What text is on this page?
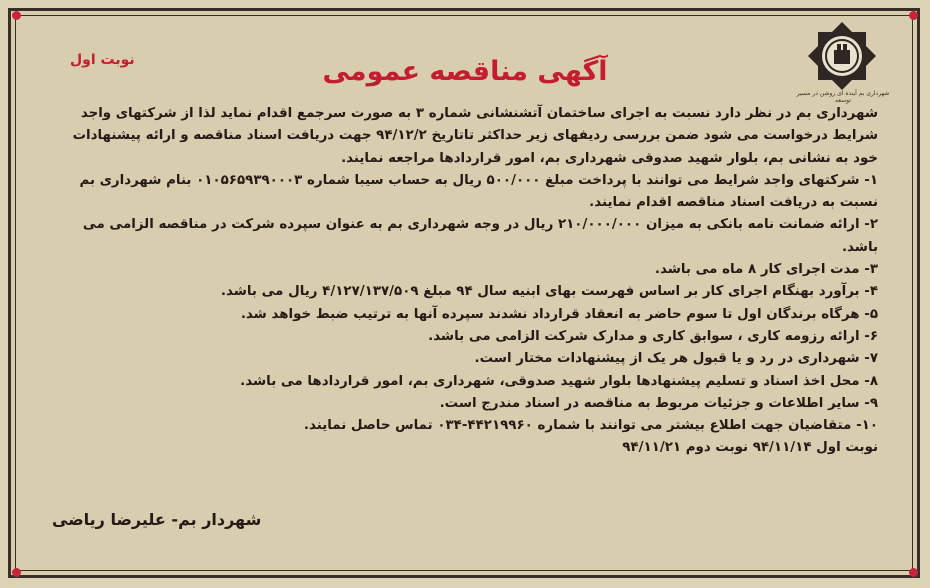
شهرداری بم آینده ای روشن در مسیر توسعه
نوبت اول	آگهی مناقصه عمومی

شهرداری بم در نظر دارد نسبت به اجرای ساختمان آتشنشانی شماره ۳ به صورت سرجمع اقدام نماید لذا از شرکتهای واجد شرایط درخواست می شود ضمن بررسی ردیفهای زیر حداکثر تاتاریخ ۹۴/۱۲/۲ جهت دریافت اسناد مناقصه و ارائه پیشنهادات خود به نشانی بم، بلوار شهید صدوقی شهرداری بم، امور قراردادها مراجعه نمایند.

۱- شرکتهای واجد شرایط می توانند با پرداخت مبلغ ۵۰۰/۰۰۰ ریال به حساب سیبا شماره ۰۱۰۵۶۵۹۳۹۰۰۰۳ بنام شهرداری بم نسبت به دریافت اسناد مناقصه اقدام نمایند.

۲- ارائه ضمانت نامه بانکی به میزان ۲۱۰/۰۰۰/۰۰۰ ریال در وجه شهرداری بم به عنوان سپرده شرکت در مناقصه الزامی می باشد.

۳- مدت اجرای کار ۸ ماه می باشد.

۴- برآورد بهنگام اجرای کار بر اساس فهرست بهای ابنیه سال ۹۴ مبلغ ۴/۱۲۷/۱۳۷/۵۰۹ ریال می باشد.

۵- هرگاه برندگان اول تا سوم حاضر به انعقاد قرارداد نشدند سپرده آنها به ترتیب ضبط خواهد شد.

۶- ارائه رزومه کاری ، سوابق کاری و مدارک شرکت الزامی می باشد.

۷- شهرداری در رد و یا قبول هر یک از پیشنهادات مختار است.

۸- محل اخذ اسناد و تسلیم پیشنهادها بلوار شهید صدوقی، شهرداری بم، امور قراردادها می باشد.

۹- سایر اطلاعات و جزئیات مربوط به مناقصه در اسناد مندرج است.

۱۰- متقاضیان جهت اطلاع بیشتر می توانند با شماره ۴۴۲۱۹۹۶۰-۰۳۴ تماس حاصل نمایند.

نوبت اول ۹۴/۱۱/۱۴ نوبت دوم ۹۴/۱۱/۲۱

شهردار بم- علیرضا ریاضی
